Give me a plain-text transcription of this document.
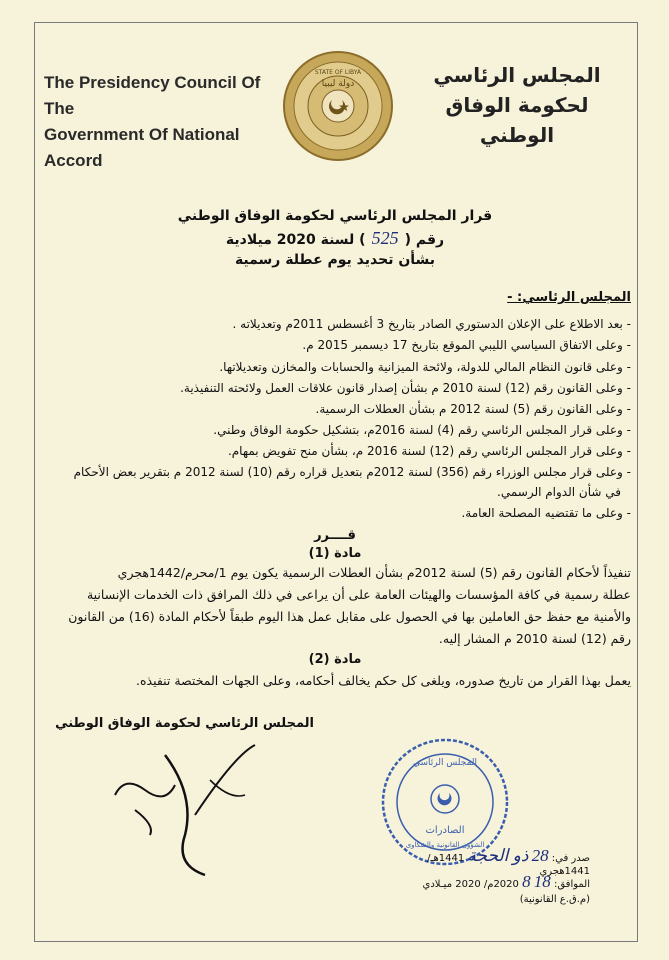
The Presidency Council Of The
Government Of National Accord
STATE OF LIBYA
دولة ليبيا	المجلس الرئاسي
لحكومة الوفاق الوطني
قرار المجلس الرئاسي لحكومة الوفاق الوطني
رقم (525) لسنة 2020 ميلادية
بشأن تحديد يوم عطلة رسمية
المجلس الرئاسي: -
- بعد الاطلاع على الإعلان الدستوري الصادر بتاريخ 3 أغسطس 2011م وتعديلاته .
- وعلى الاتفاق السياسي الليبي الموقع بتاريخ 17 ديسمبر 2015 م.
- وعلى قانون النظام المالي للدولة، ولائحة الميزانية والحسابات والمخازن وتعديلاتها.
- وعلى القانون رقم (12) لسنة 2010 م بشأن إصدار قانون علاقات العمل ولائحته التنفيذية.
- وعلى القانون رقم (5) لسنة 2012 م بشأن العطلات الرسمية.
- وعلى قرار المجلس الرئاسي رقم (4) لسنة 2016م، بتشكيل حكومة الوفاق وطني.
- وعلى قرار المجلس الرئاسي رقم (12) لسنة 2016 م، بشأن منح تفويض بمهام.
- وعلى قرار مجلس الوزراء رقم (356) لسنة 2012م بتعديل قراره رقم (10) لسنة 2012 م بتقرير بعض الأحكام
في شأن الدوام الرسمي.
- وعلى ما تقتضيه المصلحة العامة.
قــــرر
مادة (1)
تنفيذاً لأحكام القانون رقم (5) لسنة 2012م بشأن العطلات الرسمية يكون يوم 1/محرم/1442هجري
عطلة رسمية في كافة المؤسسات والهيئات العامة على أن يراعى في ذلك المرافق ذات الخدمات الإنسانية
والأمنية مع حفظ حق العاملين بها في الحصول على مقابل عمل هذا اليوم طبقاً لأحكام المادة (16) من القانون
رقم (12) لسنة 2010 م المشار إليه.
مادة (2)
يعمل بهذا القرار من تاريخ صدوره، ويلغى كل حكم يخالف أحكامه، وعلى الجهات المختصة تنفيذه.
المجلس الرئاسي لحكومة الوفاق الوطني
المجلس الرئاسي
الصادرات
الشؤون القانونية والشكاوى
صدر في: 28 ذو الحجة 1441هـ/ 1441هجري
الموافق: 18 8 2020م/ 2020 ميـلادي
(م.ق.ع القانونية)
